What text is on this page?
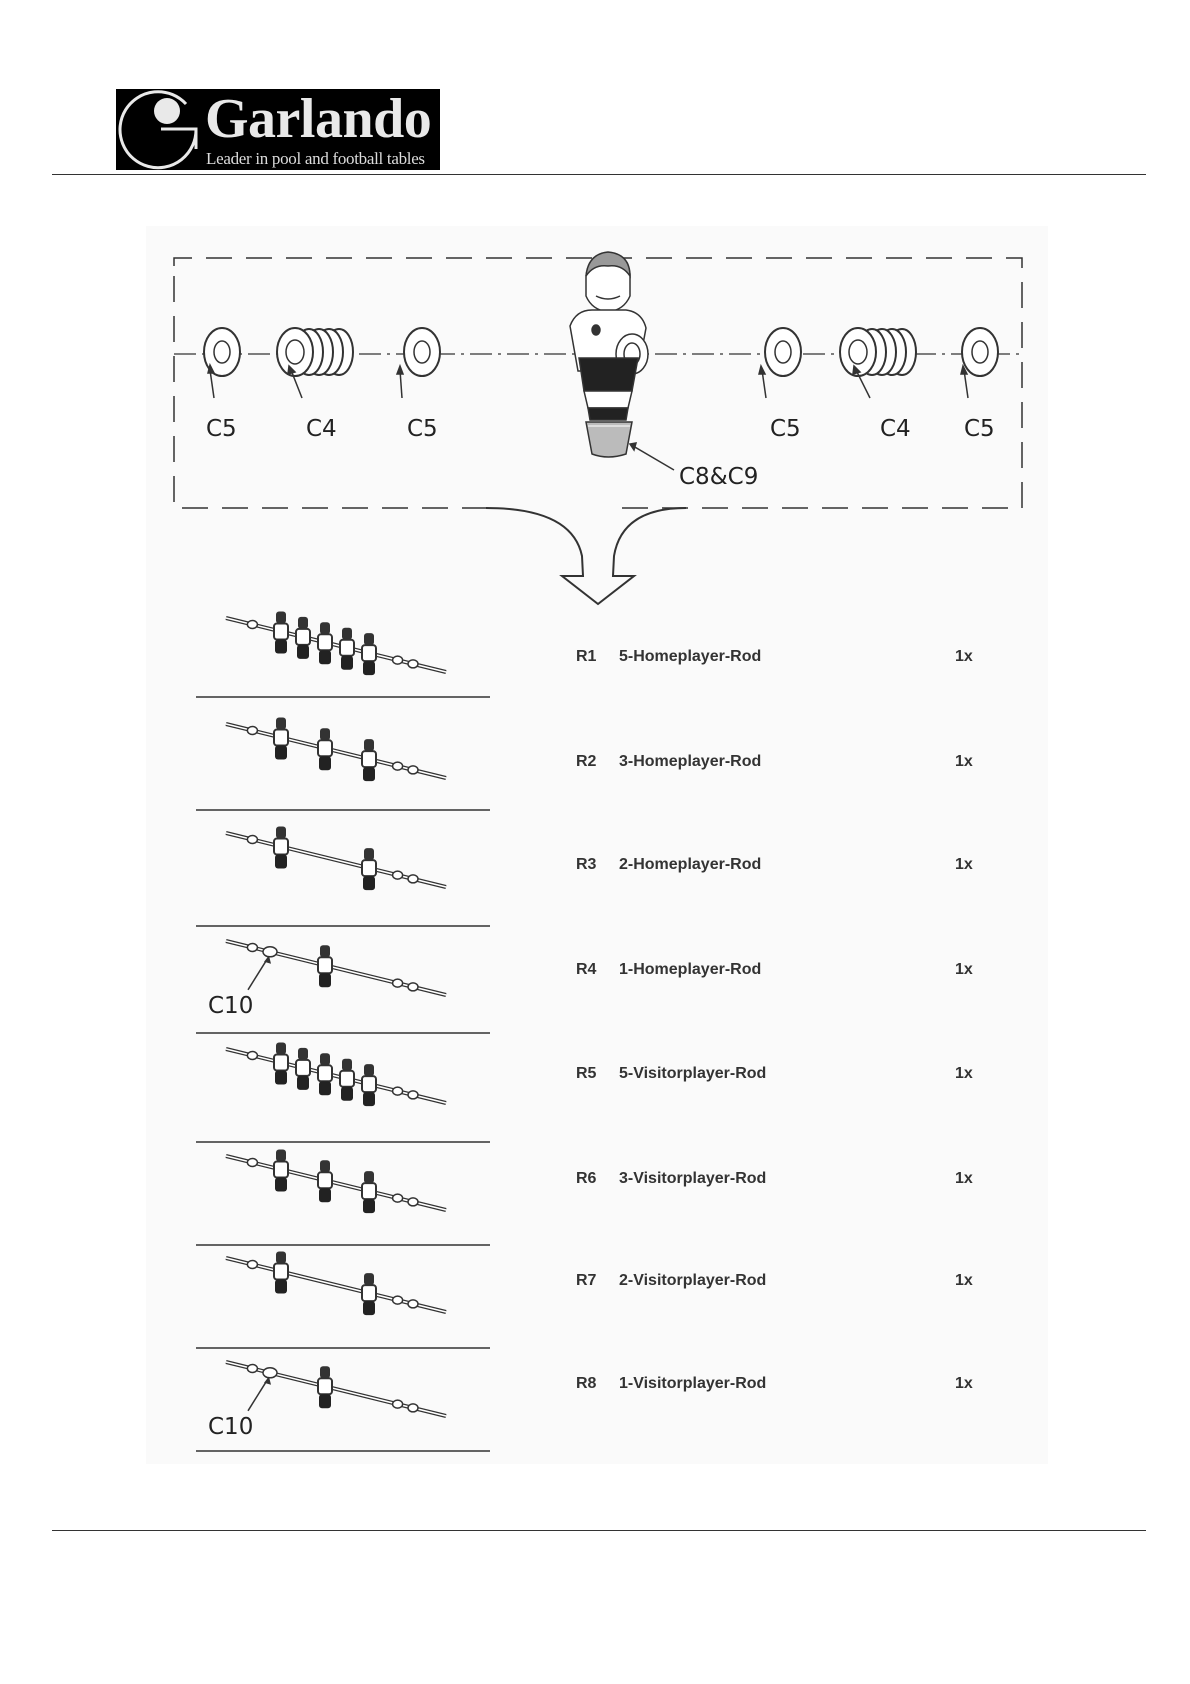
Garlando
Leader in pool and football tables
C5	C4	C5	C5	C4 C5
C8&C9
C10
C10
R1 5-Homeplayer-Rod	1x
R2 3-Homeplayer-Rod	1x
R3 2-Homeplayer-Rod	1x
R4 1-Homeplayer-Rod	1x
R5 5-Visitorplayer-Rod	1x
R6 3-Visitorplayer-Rod	1x
R7 2-Visitorplayer-Rod	1x
R8 1-Visitorplayer-Rod	1x
